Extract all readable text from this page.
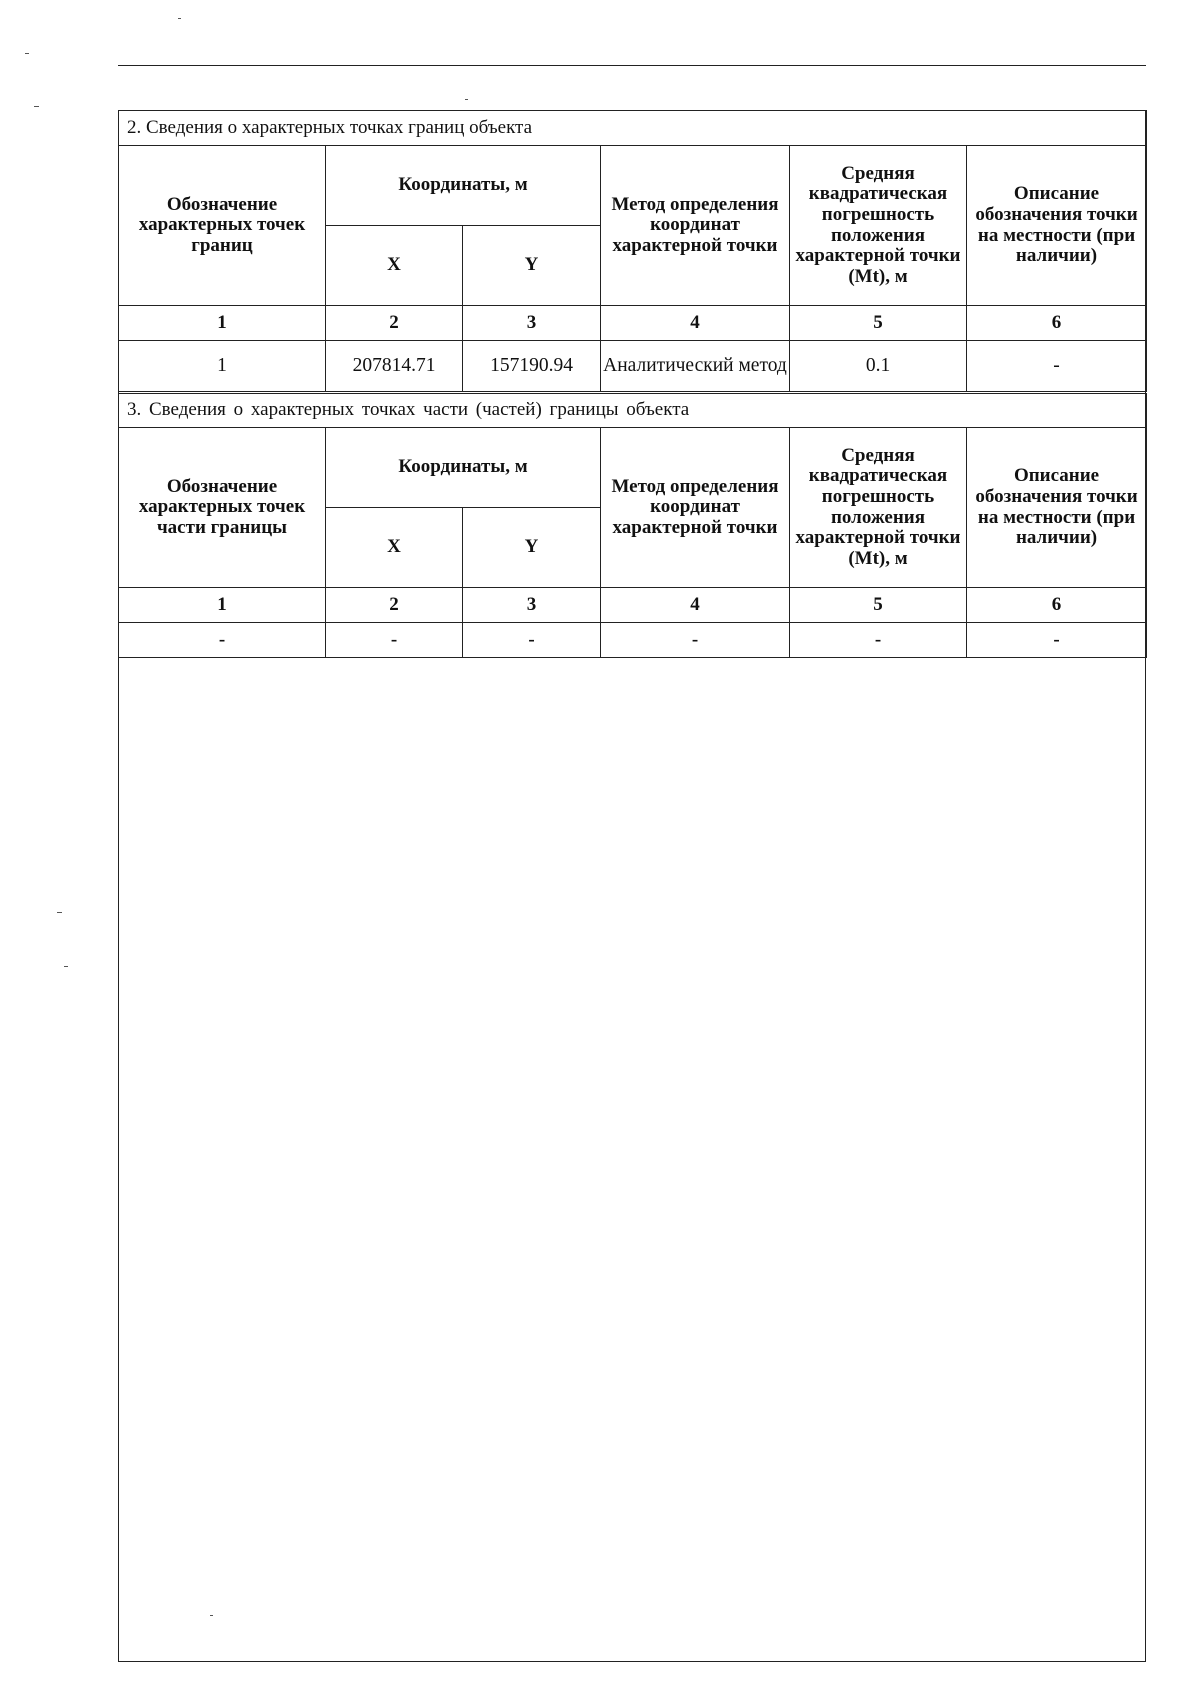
2. Сведения о характерных точках границ объекта					
Обозначение характерных точек границ	Координаты, м		Метод определения координат характерной точки	Средняя квадратическая погрешность положения характерной точки (Mt), м	Описание обозначения точки на местности (при наличии)
	X	Y			
1	2	3	4	5	6
1	207814.71	157190.94	Аналитический метод	0.1	-
3. Сведения о характерных точках части (частей) границы объекта					
Обозначение характерных точек части границы	Координаты, м		Метод определения координат характерной точки	Средняя квадратическая погрешность положения характерной точки (Mt), м	Описание обозначения точки на местности (при наличии)
	X	Y			
1	2	3	4	5	6
-	-	-	-	-	-
